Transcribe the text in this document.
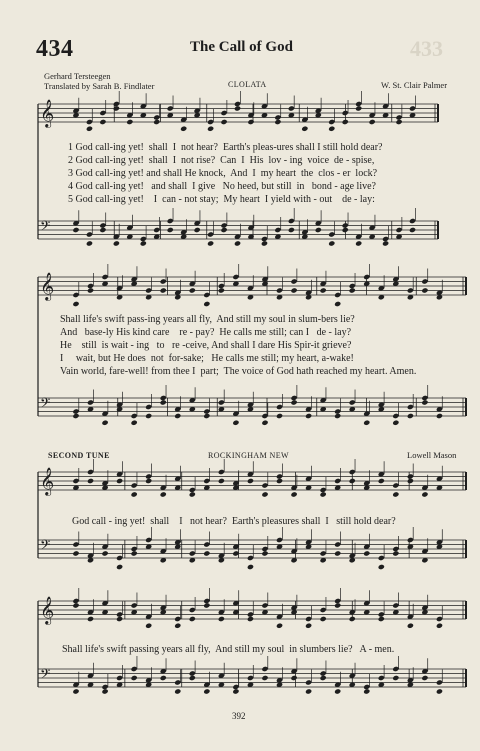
433
434	The Call of God
Gerhard Tersteegen
Translated by Sarah B. Findlater	CLOLATA	W. St. Clair Palmer
𝄞
𝄢
𝄞
𝄢
𝄞
𝄢
𝄞
𝄢
1 God call-ing yet!  shall  I  not hear?  Earth's pleas-ures shall I still hold dear?
2 God call-ing yet!  shall  I  not rise?  Can  I  His  lov - ing  voice  de - spise,
3 God call-ing yet! and shall He knock,  And  I  my heart  the  clos - er  lock?
4 God call-ing yet!   and shall  I give   No heed, but still  in   bond - age live?
5 God call-ing yet!    I  can - not stay;  My heart  I yield with - out    de - lay:
Shall life's swift pass-ing years all fly,  And still my soul in slum-bers lie?
And   base-ly His kind care    re - pay?  He calls me still; can I   de - lay?
He    still  is wait - ing   to   re -ceive, And shall I dare His Spir-it grieve?
I     wait, but He does  not  for-sake;   He calls me still; my heart, a-wake!
Vain world, fare-well! from thee I  part;  The voice of God hath reached my heart. Amen.
SECOND TUNE	ROCKINGHAM NEW	Lowell Mason
God call - ing yet!  shall    I   not hear?  Earth's pleasures shall  I   still hold dear?
Shall life's swift passing years all fly,  And still my soul  in slumbers lie?   A - men.
392
